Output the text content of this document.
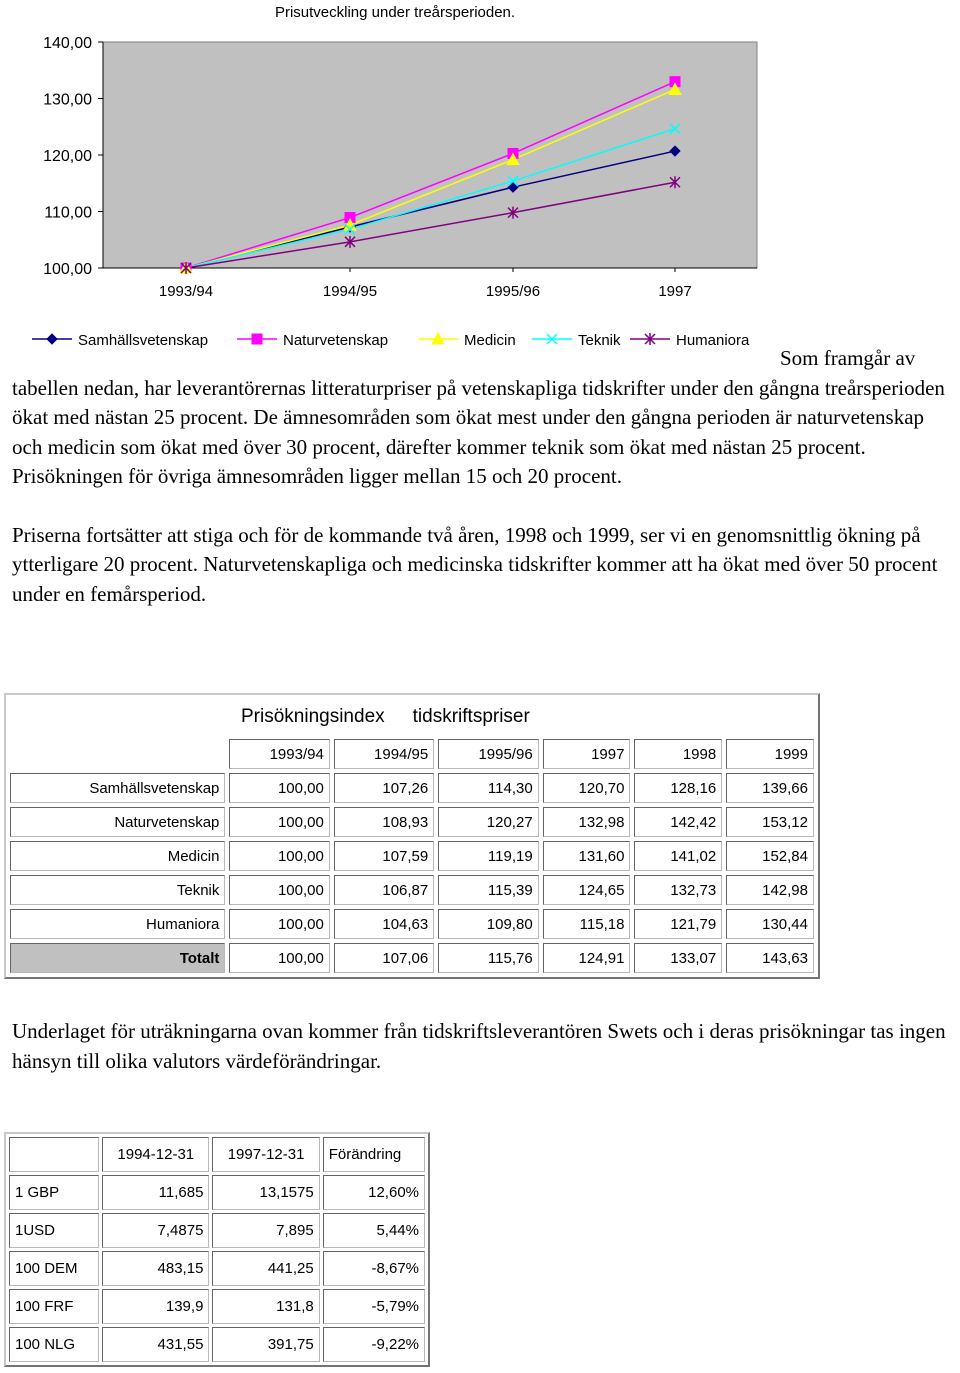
Prisutveckling under treårsperioden.
100,00
110,00
120,00
130,00
140,00
1993/94	1994/95	1995/96	1997
Samhällsvetenskap	Naturvetenskap	Medicin	Teknik	Humaniora

Som framgår av tabellen nedan, har leverantörernas litteraturpriser på vetenskapliga tidskrifter under den gångna treårsperioden ökat med nästan 25 procent. De ämnesområden som ökat mest under den gångna perioden är naturvetenskap och medicin som ökat med över 30 procent, därefter kommer teknik som ökat med nästan 25 procent. Prisökningen för övriga ämnesområden ligger mellan 15 och 20 procent.

Priserna fortsätter att stiga och för de kommande två åren, 1998 och 1999, ser vi en genomsnittlig ökning på ytterligare 20 procent. Naturvetenskapliga och medicinska tidskrifter kommer att ha ökat med över 50 procent under en femårsperiod.

Prisökningsindex tidskriftspriser						
	1993/94	1994/95	1995/96	1997	1998	1999
Samhällsvetenskap	100,00	107,26	114,30	120,70	128,16	139,66
Naturvetenskap	100,00	108,93	120,27	132,98	142,42	153,12
Medicin	100,00	107,59	119,19	131,60	141,02	152,84
Teknik	100,00	106,87	115,39	124,65	132,73	142,98
Humaniora	100,00	104,63	109,80	115,18	121,79	130,44
Totalt	100,00	107,06	115,76	124,91	133,07	143,63

Underlaget för uträkningarna ovan kommer från tidskriftsleverantören Swets och i deras prisökningar tas ingen hänsyn till olika valutors värdeförändringar.

	1994-12-31	1997-12-31	Förändring
1 GBP	11,685	13,1575	12,60%
1USD	7,4875	7,895	5,44%
100 DEM	483,15	441,25	-8,67%
100 FRF	139,9	131,8	-5,79%
100 NLG	431,55	391,75	-9,22%
